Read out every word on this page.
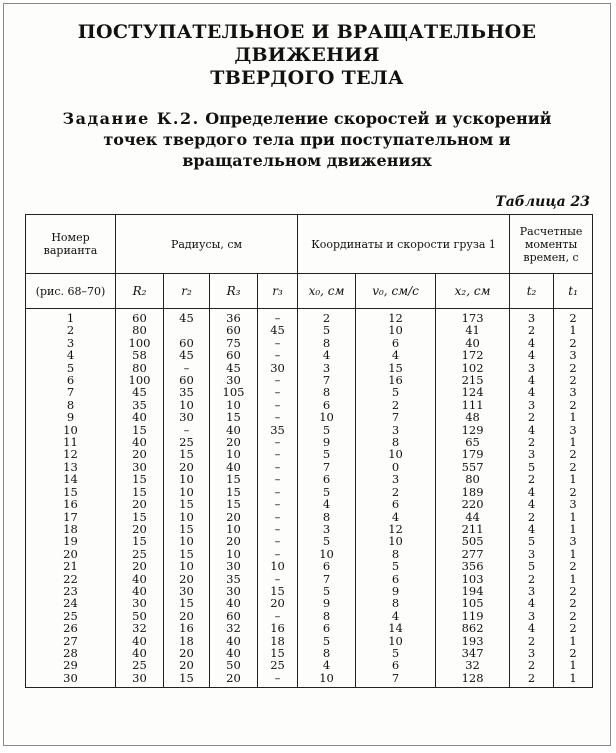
ПОСТУПАТЕЛЬНОЕ И ВРАЩАТЕЛЬНОЕ ДВИЖЕНИЯ
ТВЕРДОГО ТЕЛА
Задание К.2. Определение скоростей и ускорений
точек твердого тела при поступательном и
вращательном движениях
Таблица 23
Номер варианта	Радиусы, см				Координаты и скорости груза 1			Расчетные моменты времен, с	
(рис. 68–70)	R₂	r₂	R₃	r₃	x₀, см	v₀, см/с	x₂, см	t₂	t₁
1	60	45	36	–	2	12	173	3	2
2	80		60	45	5	10	41	2	1
3	100	60	75	–	8	6	40	4	2
4	58	45	60	–	4	4	172	4	3
5	80	–	45	30	3	15	102	3	2
6	100	60	30	–	7	16	215	4	2
7	45	35	105	–	8	5	124	4	3
8	35	10	10	–	6	2	111	3	2
9	40	30	15	–	10	7	48	2	1
10	15	–	40	35	5	3	129	4	3
11	40	25	20	–	9	8	65	2	1
12	20	15	10	–	5	10	179	3	2
13	30	20	40	–	7	0	557	5	2
14	15	10	15	–	6	3	80	2	1
15	15	10	15	–	5	2	189	4	2
16	20	15	15	–	4	6	220	4	3
17	15	10	20	–	8	4	44	2	1
18	20	15	10	–	3	12	211	4	1
19	15	10	20	–	5	10	505	5	3
20	25	15	10	–	10	8	277	3	1
21	20	10	30	10	6	5	356	5	2
22	40	20	35	–	7	6	103	2	1
23	40	30	30	15	5	9	194	3	2
24	30	15	40	20	9	8	105	4	2
25	50	20	60	–	8	4	119	3	2
26	32	16	32	16	6	14	862	4	2
27	40	18	40	18	5	10	193	2	1
28	40	20	40	15	8	5	347	3	2
29	25	20	50	25	4	6	32	2	1
30	30	15	20	–	10	7	128	2	1
